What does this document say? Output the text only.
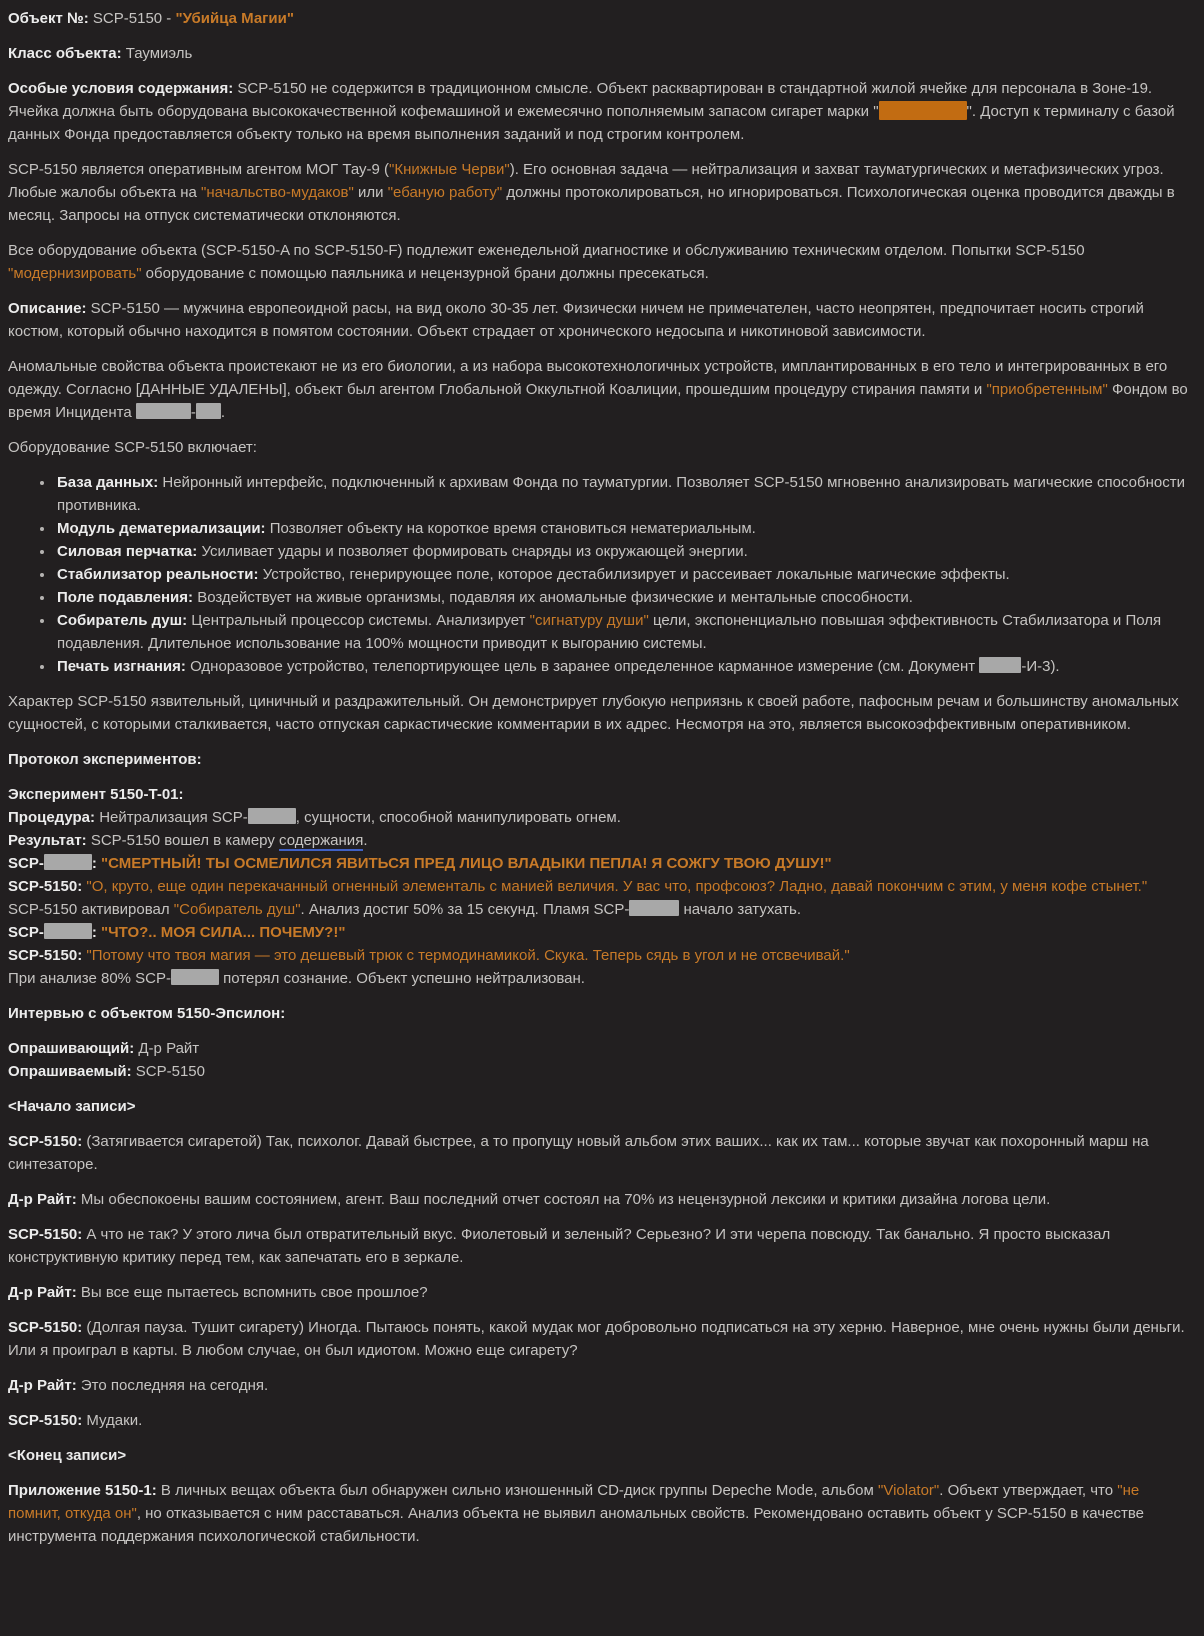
Объект №: SCP-5150 - "Убийца Магии"

Класс объекта: Таумиэль

Особые условия содержания: SCP-5150 не содержится в традиционном смысле. Объект расквартирован в стандартной жилой ячейке для персонала в Зоне-19. Ячейка должна быть оборудована высококачественной кофемашиной и ежемесячно пополняемым запасом сигарет марки "	". Доступ к терминалу с базой данных Фонда предоставляется объекту только на время выполнения заданий и под строгим контролем.

SCP-5150 является оперативным агентом МОГ Тау-9 ("Книжные Черви"). Его основная задача — нейтрализация и захват тауматургических и метафизических угроз. Любые жалобы объекта на "начальство-мудаков" или "ебаную работу" должны протоколироваться, но игнорироваться. Психологическая оценка проводится дважды в месяц. Запросы на отпуск систематически отклоняются.

Все оборудование объекта (SCP-5150-A по SCP-5150-F) подлежит еженедельной диагностике и обслуживанию техническим отделом. Попытки SCP-5150 "модернизировать" оборудование с помощью паяльника и нецензурной брани должны пресекаться.

Описание: SCP-5150 — мужчина европеоидной расы, на вид около 30-35 лет. Физически ничем не примечателен, часто неопрятен, предпочитает носить строгий костюм, который обычно находится в помятом состоянии. Объект страдает от хронического недосыпа и никотиновой зависимости.

Аномальные свойства объекта проистекают не из его биологии, а из набора высокотехнологичных устройств, имплантированных в его тело и интегрированных в его одежду. Согласно [ДАННЫЕ УДАЛЕНЫ], объект был агентом Глобальной Оккультной Коалиции, прошедшим процедуру стирания памяти и "приобретенным" Фондом во время Инцидента	- .

Оборудование SCP-5150 включает:

• База данных: Нейронный интерфейс, подключенный к архивам Фонда по тауматургии. Позволяет SCP-5150 мгновенно анализировать магические способности противника.
• Модуль дематериализации: Позволяет объекту на короткое время становиться нематериальным.
• Силовая перчатка: Усиливает удары и позволяет формировать снаряды из окружающей энергии.
• Стабилизатор реальности: Устройство, генерирующее поле, которое дестабилизирует и рассеивает локальные магические эффекты.
• Поле подавления: Воздействует на живые организмы, подавляя их аномальные физические и ментальные способности.
• Собиратель душ: Центральный процессор системы. Анализирует "сигнатуру души" цели, экспоненциально повышая эффективность Стабилизатора и Поля подавления. Длительное использование на 100% мощности приводит к выгоранию системы.
• Печать изгнания: Одноразовое устройство, телепортирующее цель в заранее определенное карманное измерение (см. Документ	-И-3).

Характер SCP-5150 язвительный, циничный и раздражительный. Он демонстрирует глубокую неприязнь к своей работе, пафосным речам и большинству аномальных сущностей, с которыми сталкивается, часто отпуская саркастические комментарии в их адрес. Несмотря на это, является высокоэффективным оперативником.

Протокол экспериментов:

Эксперимент 5150-T-01:
Процедура: Нейтрализация SCP-	, сущности, способной манипулировать огнем.
Результат: SCP-5150 вошел в камеру содержания.
SCP-	: "СМЕРТНЫЙ! ТЫ ОСМЕЛИЛСЯ ЯВИТЬСЯ ПРЕД ЛИЦО ВЛАДЫКИ ПЕПЛА! Я СОЖГУ ТВОЮ ДУШУ!"
SCP-5150: "О, круто, еще один перекачанный огненный элементаль с манией величия. У вас что, профсоюз? Ладно, давай покончим с этим, у меня кофе стынет."
SCP-5150 активировал "Собиратель душ". Анализ достиг 50% за 15 секунд. Пламя SCP-	начало затухать.
SCP-	: "ЧТО?.. МОЯ СИЛА... ПОЧЕМУ?!"
SCP-5150: "Потому что твоя магия — это дешевый трюк с термодинамикой. Скука. Теперь сядь в угол и не отсвечивай."
При анализе 80% SCP-	потерял сознание. Объект успешно нейтрализован.

Интервью с объектом 5150-Эпсилон:

Опрашивающий: Д-р Райт
Опрашиваемый: SCP-5150

<Начало записи>

SCP-5150: (Затягивается сигаретой) Так, психолог. Давай быстрее, а то пропущу новый альбом этих ваших... как их там... которые звучат как похоронный марш на синтезаторе.

Д-р Райт: Мы обеспокоены вашим состоянием, агент. Ваш последний отчет состоял на 70% из нецензурной лексики и критики дизайна логова цели.

SCP-5150: А что не так? У этого лича был отвратительный вкус. Фиолетовый и зеленый? Серьезно? И эти черепа повсюду. Так банально. Я просто высказал конструктивную критику перед тем, как запечатать его в зеркале.

Д-р Райт: Вы все еще пытаетесь вспомнить свое прошлое?

SCP-5150: (Долгая пауза. Тушит сигарету) Иногда. Пытаюсь понять, какой мудак мог добровольно подписаться на эту херню. Наверное, мне очень нужны были деньги. Или я проиграл в карты. В любом случае, он был идиотом. Можно еще сигарету?

Д-р Райт: Это последняя на сегодня.

SCP-5150: Мудаки.

<Конец записи>

Приложение 5150-1: В личных вещах объекта был обнаружен сильно изношенный CD-диск группы Depeche Mode, альбом "Violator". Объект утверждает, что "не помнит, откуда он", но отказывается с ним расставаться. Анализ объекта не выявил аномальных свойств. Рекомендовано оставить объект у SCP-5150 в качестве инструмента поддержания психологической стабильности.
